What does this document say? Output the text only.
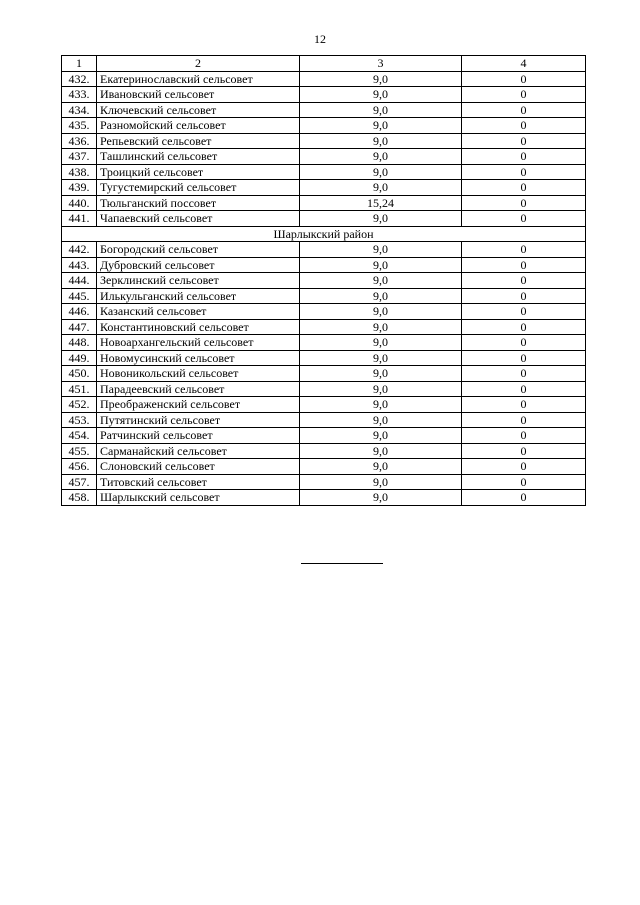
12
1	2	3	4
432.	Екатеринославский сельсовет	9,0	0
433.	Ивановский сельсовет	9,0	0
434.	Ключевский сельсовет	9,0	0
435.	Разномойский сельсовет	9,0	0
436.	Репьевский сельсовет	9,0	0
437.	Ташлинский сельсовет	9,0	0
438.	Троицкий сельсовет	9,0	0
439.	Тугустемирский сельсовет	9,0	0
440.	Тюльганский поссовет	15,24	0
441.	Чапаевский сельсовет	9,0	0
Шарлыкский район			
442.	Богородский сельсовет	9,0	0
443.	Дубровский сельсовет	9,0	0
444.	Зерклинский сельсовет	9,0	0
445.	Илькульганский сельсовет	9,0	0
446.	Казанский сельсовет	9,0	0
447.	Константиновский сельсовет	9,0	0
448.	Новоархангельский сельсовет	9,0	0
449.	Новомусинский сельсовет	9,0	0
450.	Новоникольский сельсовет	9,0	0
451.	Парадеевский сельсовет	9,0	0
452.	Преображенский сельсовет	9,0	0
453.	Путятинский сельсовет	9,0	0
454.	Ратчинский сельсовет	9,0	0
455.	Сарманайский сельсовет	9,0	0
456.	Слоновский сельсовет	9,0	0
457.	Титовский сельсовет	9,0	0
458.	Шарлыкский сельсовет	9,0	0
